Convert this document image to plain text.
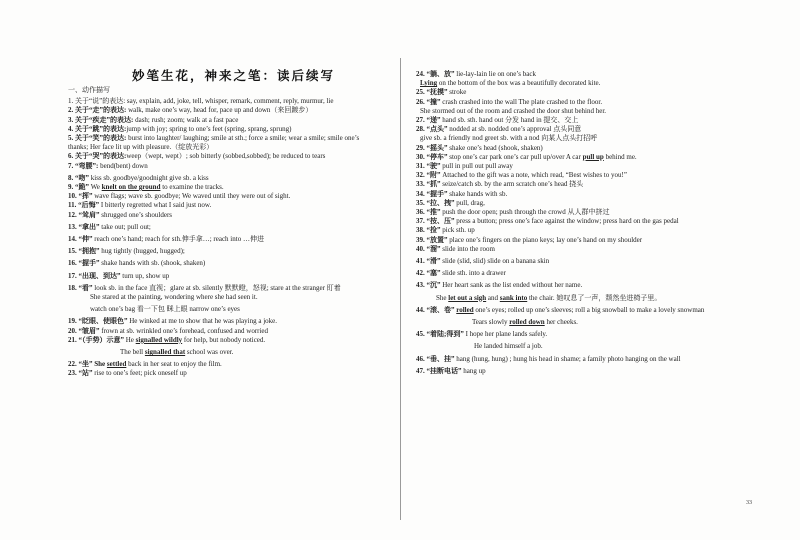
妙笔生花，神来之笔：读后续写

一、动作描写

1. 关于“说”的表达: say, explain, add, joke, tell, whisper, remark, comment, reply, murmur, lie

2. 关于“走”的表达: walk, make one’s way, head for, pace up and down（来回踱步）

3. 关于“疾走”的表达: dash; rush; zoom; walk at a fast pace

4. 关于“跳”的表达:jump with joy; spring to one’s feet (spring, sprang, sprung)

5. 关于“笑”的表达: burst into laughter/ laughing; smile at sth.; force a smile; wear a smile; smile one’s

thanks; Her face lit up with pleasure.（绽放光彩）

6. 关于“哭”的表达:weep（wept, wept）; sob bitterly (sobbed,sobbed); be reduced to tears

7. “弯腰”: bend(bent) down

8. “吻” kiss sb. goodbye/goodnight give sb. a kiss

9. “跪” We knelt on the ground to examine the tracks.

10. “挥” wave flags; wave sb. goodbye; We waved until they were out of sight.

11. “后悔” I bitterly regretted what I said just now.

12. “耸肩” shrugged one’s shoulders

13. “拿出” take out; pull out;

14. “伸” reach one’s hand; reach for sth.伸手拿…; reach into …伸进

15. “拥抱” hug tightly (hugged, hugged);

16. “握手” shake hands with sb. (shook, shaken)

17. “出现、到达” turn up, show up

18. “看” look sb. in the face 直视；glare at sb. silently 默默瞪，怒视; stare at the stranger 盯着

She stared at the painting, wondering where she had seen it.

watch one’s bag 看一下包 眯上眼 narrow one’s eyes

19. “眨眼、使眼色” He winked at me to show that he was playing a joke.

20. “皱眉” frown at sb. wrinkled one’s forehead, confused and worried

21. “（手势）示意” He signalled wildly for help, but nobody noticed.

The bell signalled that school was over.

22. “坐” She settled back in her seat to enjoy the film.

23. “站” rise to one’s feet; pick oneself up

24. “躺、放” lie-lay-lain lie on one’s back

Lying on the bottom of the box was a beautifully decorated kite.

25. “抚摸” stroke

26. “撞” crash crashed into the wall The plate crashed to the floor.

She stormed out of the room and crashed the door shut behind her.

27. “递” hand sb. sth. hand out 分发 hand in 提交、交上

28. “点头” nodded at sb. nodded one’s approval 点头同意

give sb. a friendly nod greet sb. with a nod 向某人点头打招呼

29. “摇头” shake one’s head (shook, shaken)

30. “停车” stop one’s car park one’s car pull up/over A car pull up behind me.

31. “驶” pull in pull out pull away

32. “附” Attached to the gift was a note, which read, “Best wishes to you!”

33. “抓” seize/catch sb. by the arm scratch one’s head 挠头

34. “握手” shake hands with sb.

35. “拉、拽” pull, drag,

36. “推” push the door open; push through the crowd 从人群中挤过

37. “按、压” press a button; press one’s face against the window; press hard on the gas pedal

38. “捡” pick sth. up

39. “放置” place one’s fingers on the piano keys; lay one’s hand on my shoulder

40. “溜” slide into the room

41. “滑” slide (slid, slid) slide on a banana skin

42. “塞” slide sth. into a drawer

43. “沉” Her heart sank as the list ended without her name.

She let out a sigh and sank into the chair. 她叹息了一声，颓然坐进椅子里。

44. “滚、卷” rolled one’s eyes; rolled up one’s sleeves; roll a big snowball to make a lovely snowman

Tears slowly rolled down her cheeks.

45. “着陆;得到” I hope her plane lands safely.

He landed himself a job.

46. “垂、挂” hang (hung, hung) ; hung his head in shame; a family photo hanging on the wall

47. “挂断电话” hang up

33
